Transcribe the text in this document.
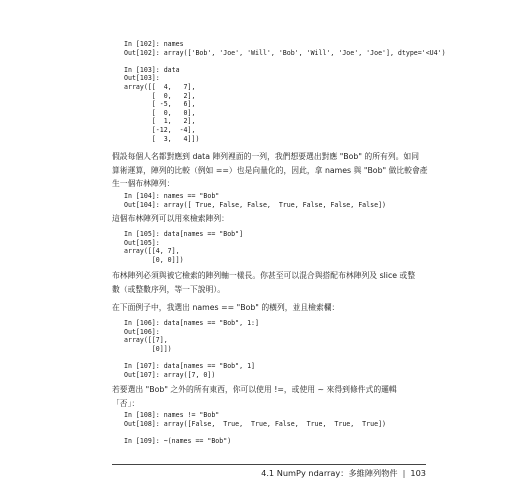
In [102]: names
Out[102]: array(['Bob', 'Joe', 'Will', 'Bob', 'Will', 'Joe', 'Joe'], dtype='<U4')

In [103]: data
Out[103]:
array([[  4,   7],
[  0,   2],
[ -5,   6],
[  0,   0],
[  1,   2],
[-12,  -4],
[  3,   4]])
假設每個人名都對應到 data 陣列裡面的一列，我們想要選出對應 "Bob" 的所有列。如同
算術運算，陣列的比較（例如 ==）也是向量化的，因此，拿 names 與 "Bob" 做比較會產
生一個布林陣列：
In [104]: names == "Bob"
Out[104]: array([ True, False, False,  True, False, False, False])
這個布林陣列可以用來檢索陣列：
In [105]: data[names == "Bob"]
Out[105]:
array([[4, 7],
[0, 0]])
布林陣列必須與被它檢索的陣列軸一樣長。你甚至可以混合與搭配布林陣列及 slice 或整
數（或整數序列，等一下說明）。
在下面例子中，我選出 names == "Bob" 的橫列，並且檢索欄：
In [106]: data[names == "Bob", 1:]
Out[106]:
array([[7],
[0]])

In [107]: data[names == "Bob", 1]
Out[107]: array([7, 0])
若要選出 "Bob" 之外的所有東西，你可以使用 !=，或使用 ~ 來得到條件式的邏輯
「否」：
In [108]: names != "Bob"
Out[108]: array([False,  True,  True, False,  True,  True,  True])

In [109]: ~(names == "Bob")
4.1 NumPy ndarray：多維陣列物件 | 103
